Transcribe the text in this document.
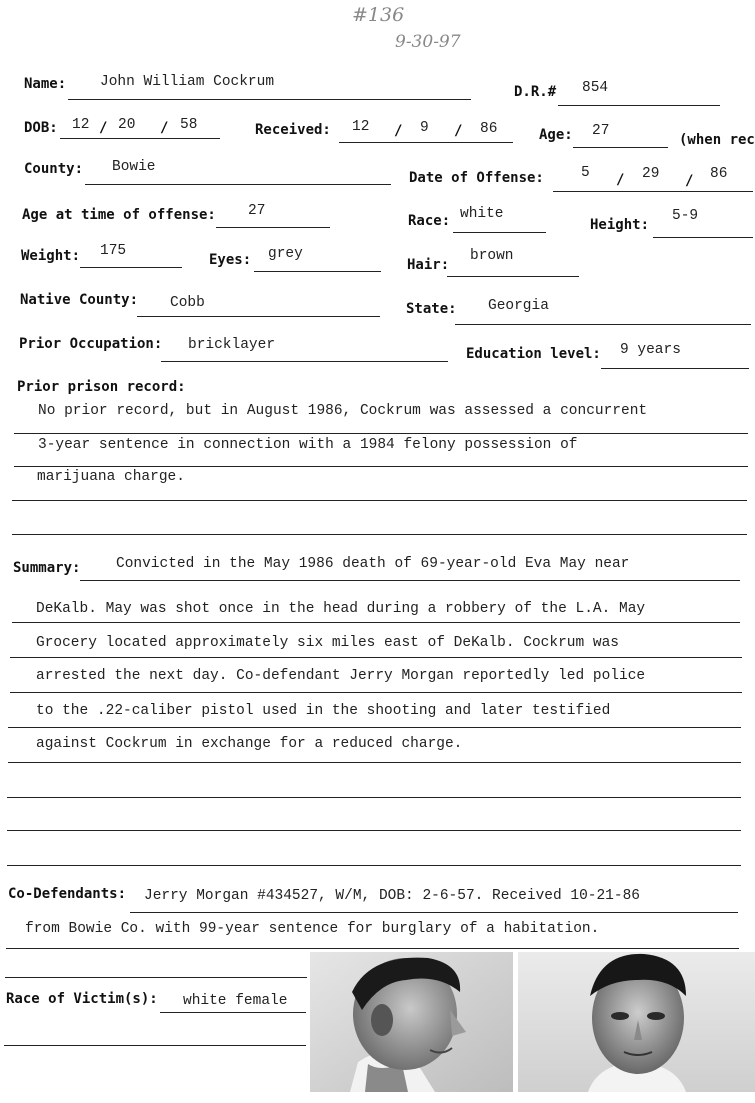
#136
9-30-97
Name: John William Cockrum
D.R.# 854
DOB: 12 / 20 / 58	Received: 12 / 9 / 86	Age: 27
(when rec
County: Bowie
Date of Offense:	5 / 29 / 86
Age at time of offense: 27
Race: white
Height:
5-9
Weight: 175
Eyes: grey
Hair:
brown
Native County: Cobb	State: Georgia
Prior Occupation: bricklayer
Education level: 9 years
Prior prison record:
No prior record, but in August 1986, Cockrum was assessed a concurrent
3-year sentence in connection with a 1984 felony possession of
marijuana charge.
Summary: Convicted in the May 1986 death of 69-year-old Eva May near
DeKalb. May was shot once in the head during a robbery of the L.A. May
Grocery located approximately six miles east of DeKalb. Cockrum was
arrested the next day. Co-defendant Jerry Morgan reportedly led police
to the .22-caliber pistol used in the shooting and later testified
against Cockrum in exchange for a reduced charge.
Co-Defendants: Jerry Morgan #434527, W/M, DOB: 2-6-57. Received 10-21-86
from Bowie Co. with 99-year sentence for burglary of a habitation.
Race of Victim(s): white female
